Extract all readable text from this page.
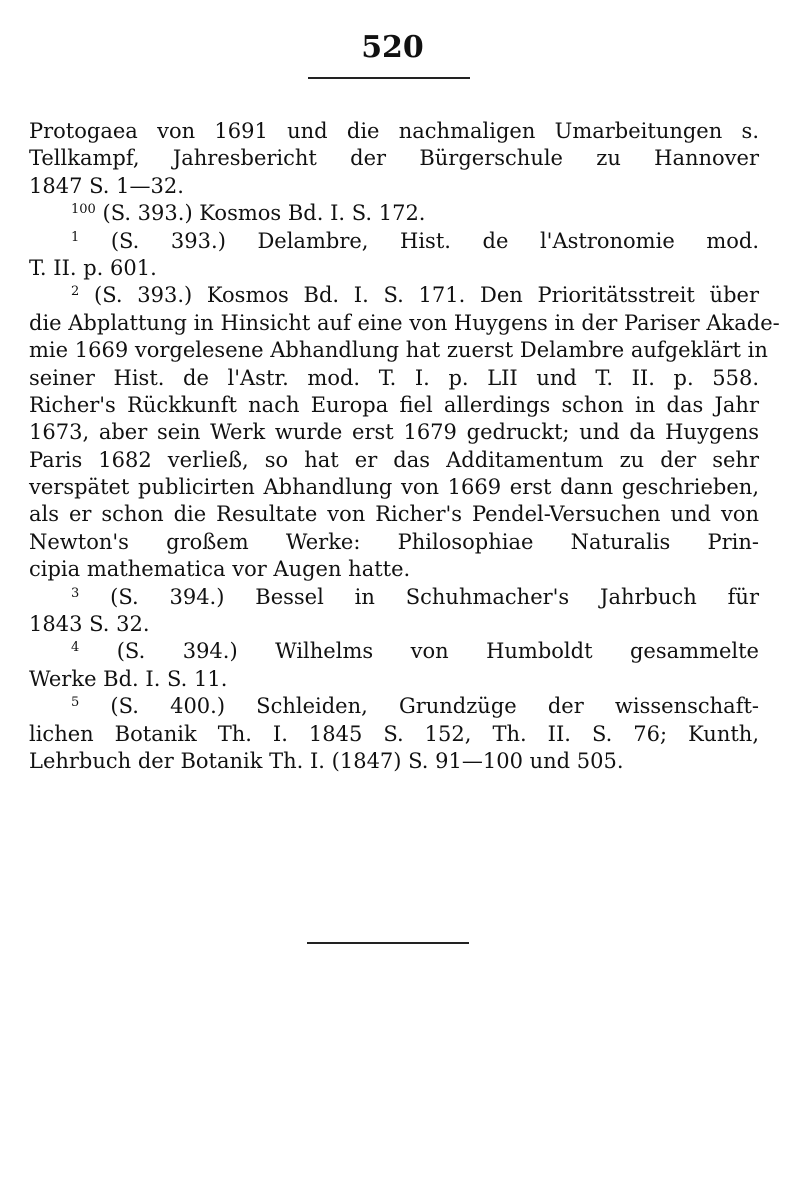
520
Protogaea von 1691 und die nachmaligen Umarbeitungen s.
Tellkampf, Jahresbericht der Bürgerschule zu Hannover
1847 S. 1—32.
$^{100}$ (S. 393.) Kosmos Bd. I. S. 172.
$^1$ (S. 393.) Delambre, Hist. de l'Astronomie mod.
T. II. p. 601.
$^2$ (S. 393.) Kosmos Bd. I. S. 171. Den Prioritätsstreit über
die Abplattung in Hinsicht auf eine von Huygens in der Pariser Akade-
mie 1669 vorgelesene Abhandlung hat zuerst Delambre aufgeklärt in
seiner Hist. de l'Astr. mod. T. I. p. LII und T. II. p. 558.
Richer's Rückkunft nach Europa fiel allerdings schon in das Jahr
1673, aber sein Werk wurde erst 1679 gedruckt; und da Huygens
Paris 1682 verließ, so hat er das Additamentum zu der sehr
verspätet publicirten Abhandlung von 1669 erst dann geschrieben,
als er schon die Resultate von Richer's Pendel-Versuchen und von
Newton's großem Werke: Philosophiae Naturalis Prin-
cipia mathematica vor Augen hatte.
$^3$ (S. 394.) Bessel in Schuhmacher's Jahrbuch für
1843 S. 32.
$^4$ (S. 394.) Wilhelms von Humboldt gesammelte
Werke Bd. I. S. 11.
$^5$ (S. 400.) Schleiden, Grundzüge der wissenschaft-
lichen Botanik Th. I. 1845 S. 152, Th. II. S. 76; Kunth,
Lehrbuch der Botanik Th. I. (1847) S. 91—100 und 505.
